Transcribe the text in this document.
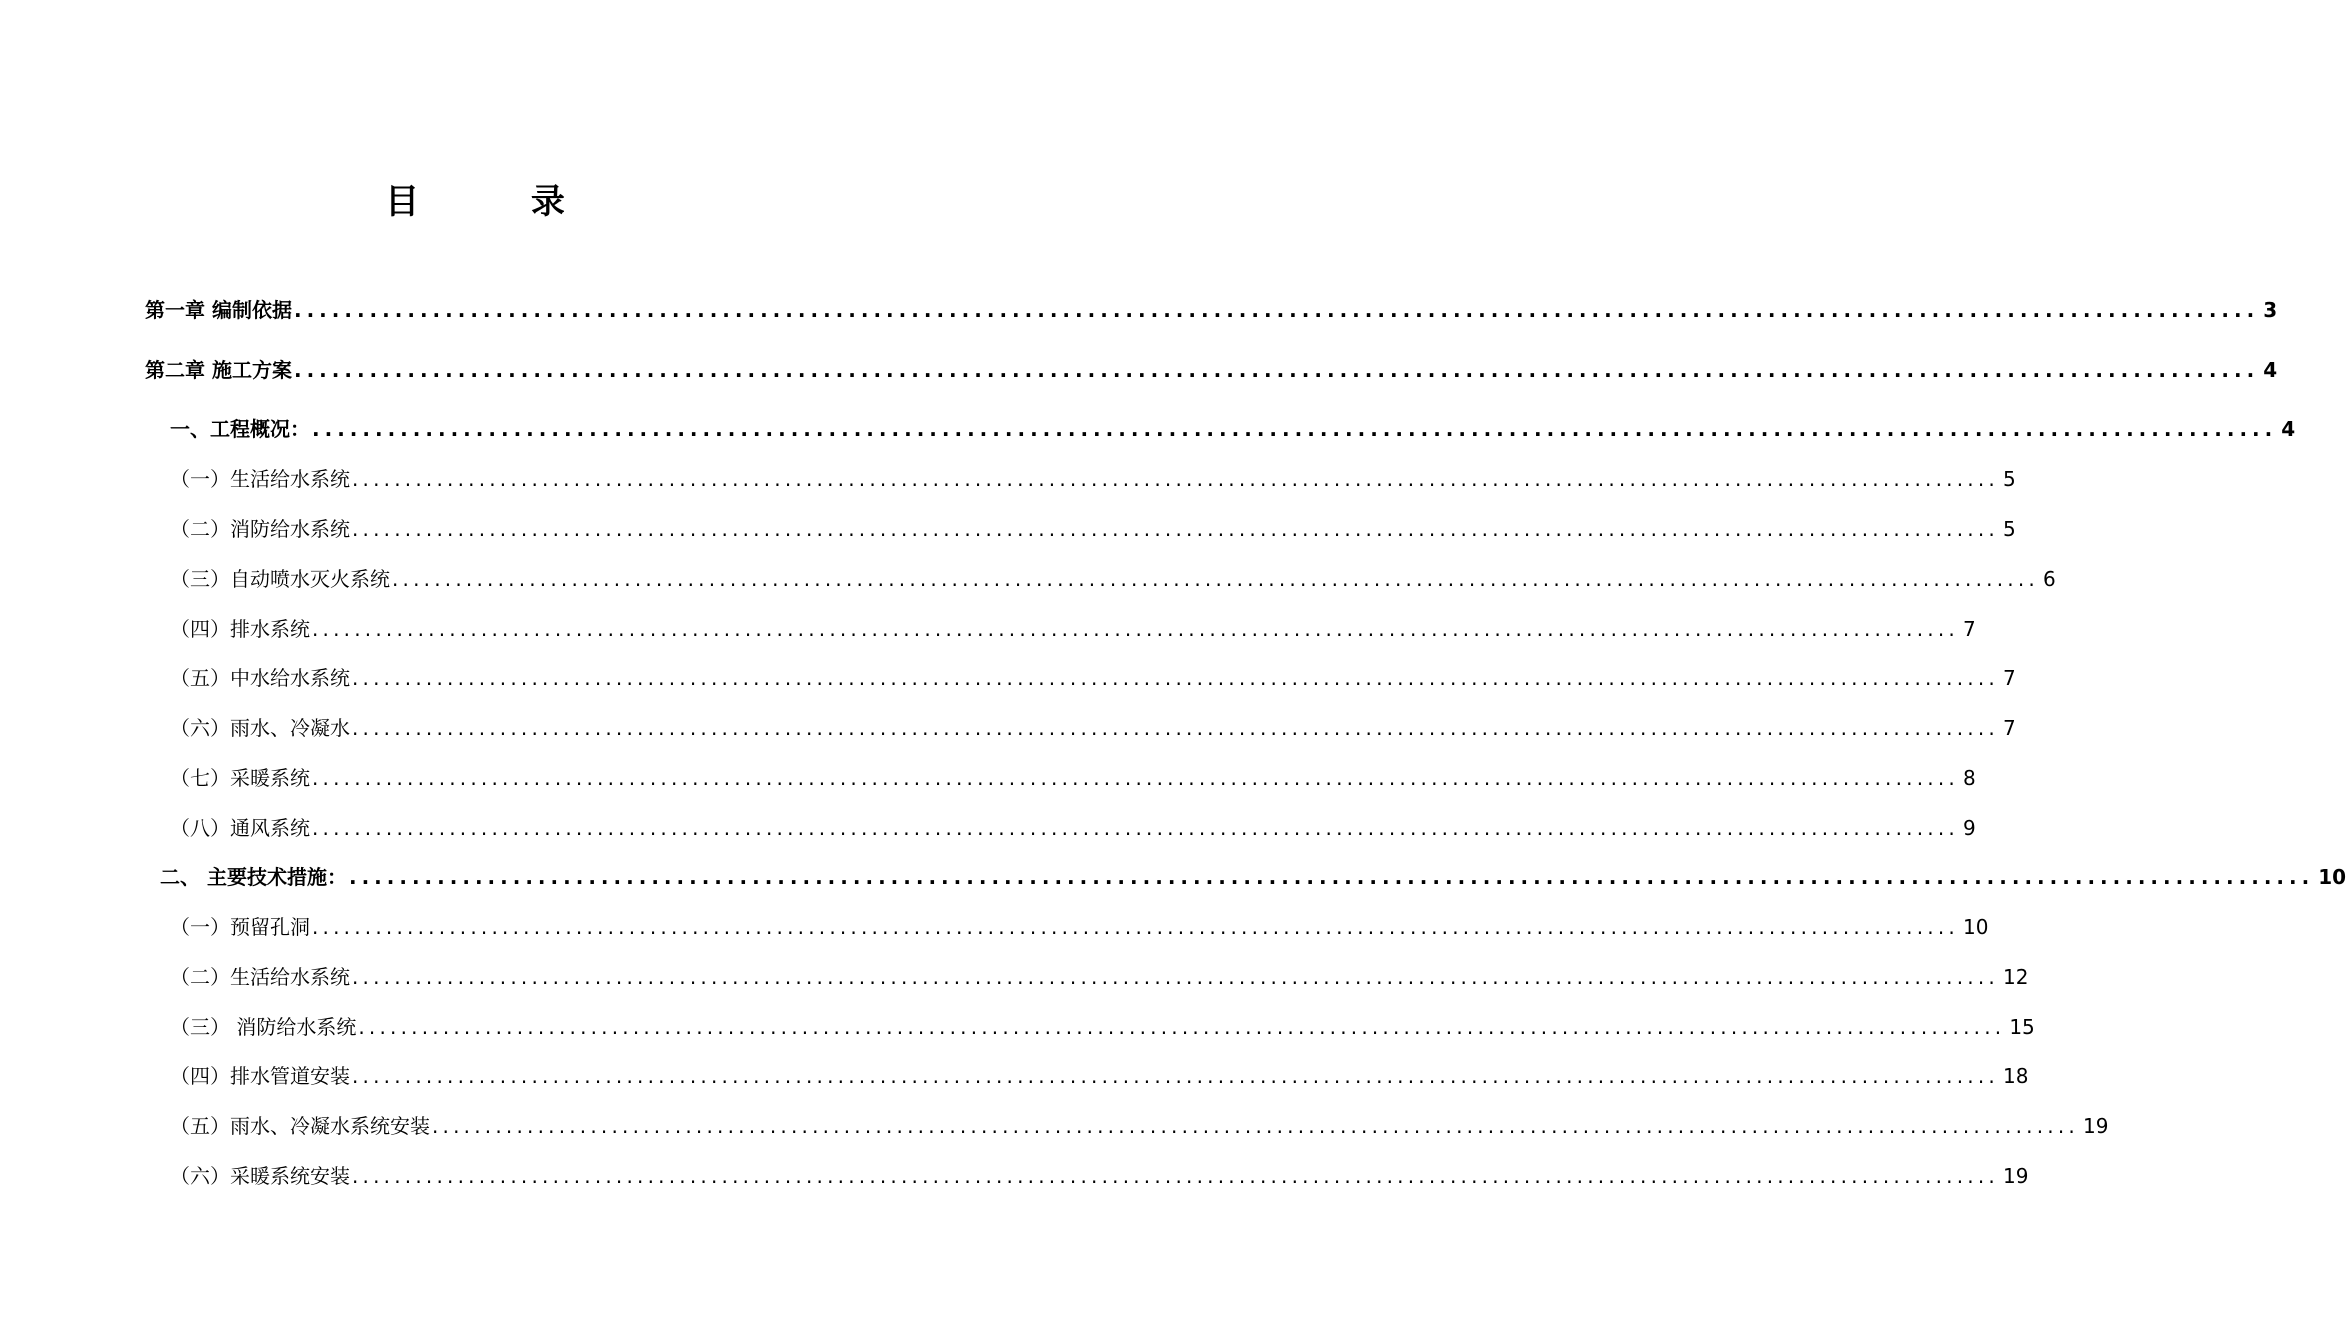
目 录
第一章 编制依据 ............................................................................................................................................................ 3
第二章 施工方案 ............................................................................................................................................................ 4
一、工程概况： ............................................................................................................................................................ 4
（一）生活给水系统 ............................................................................................................................................................ 5
（二）消防给水系统 ............................................................................................................................................................ 5
（三）自动喷水灭火系统 ............................................................................................................................................................ 6
（四）排水系统 ............................................................................................................................................................ 7
（五）中水给水系统 ............................................................................................................................................................ 7
（六）雨水、冷凝水 ............................................................................................................................................................ 7
（七）采暖系统 ............................................................................................................................................................ 8
（八）通风系统 ............................................................................................................................................................ 9
二、 主要技术措施： ............................................................................................................................................................ 10
（一）预留孔洞 ............................................................................................................................................................ 10
（二）生活给水系统 ............................................................................................................................................................ 12
（三） 消防给水系统 ............................................................................................................................................................ 15
（四）排水管道安装 ............................................................................................................................................................ 18
（五）雨水、冷凝水系统安装 ............................................................................................................................................................ 19
（六）采暖系统安装 ............................................................................................................................................................ 19
